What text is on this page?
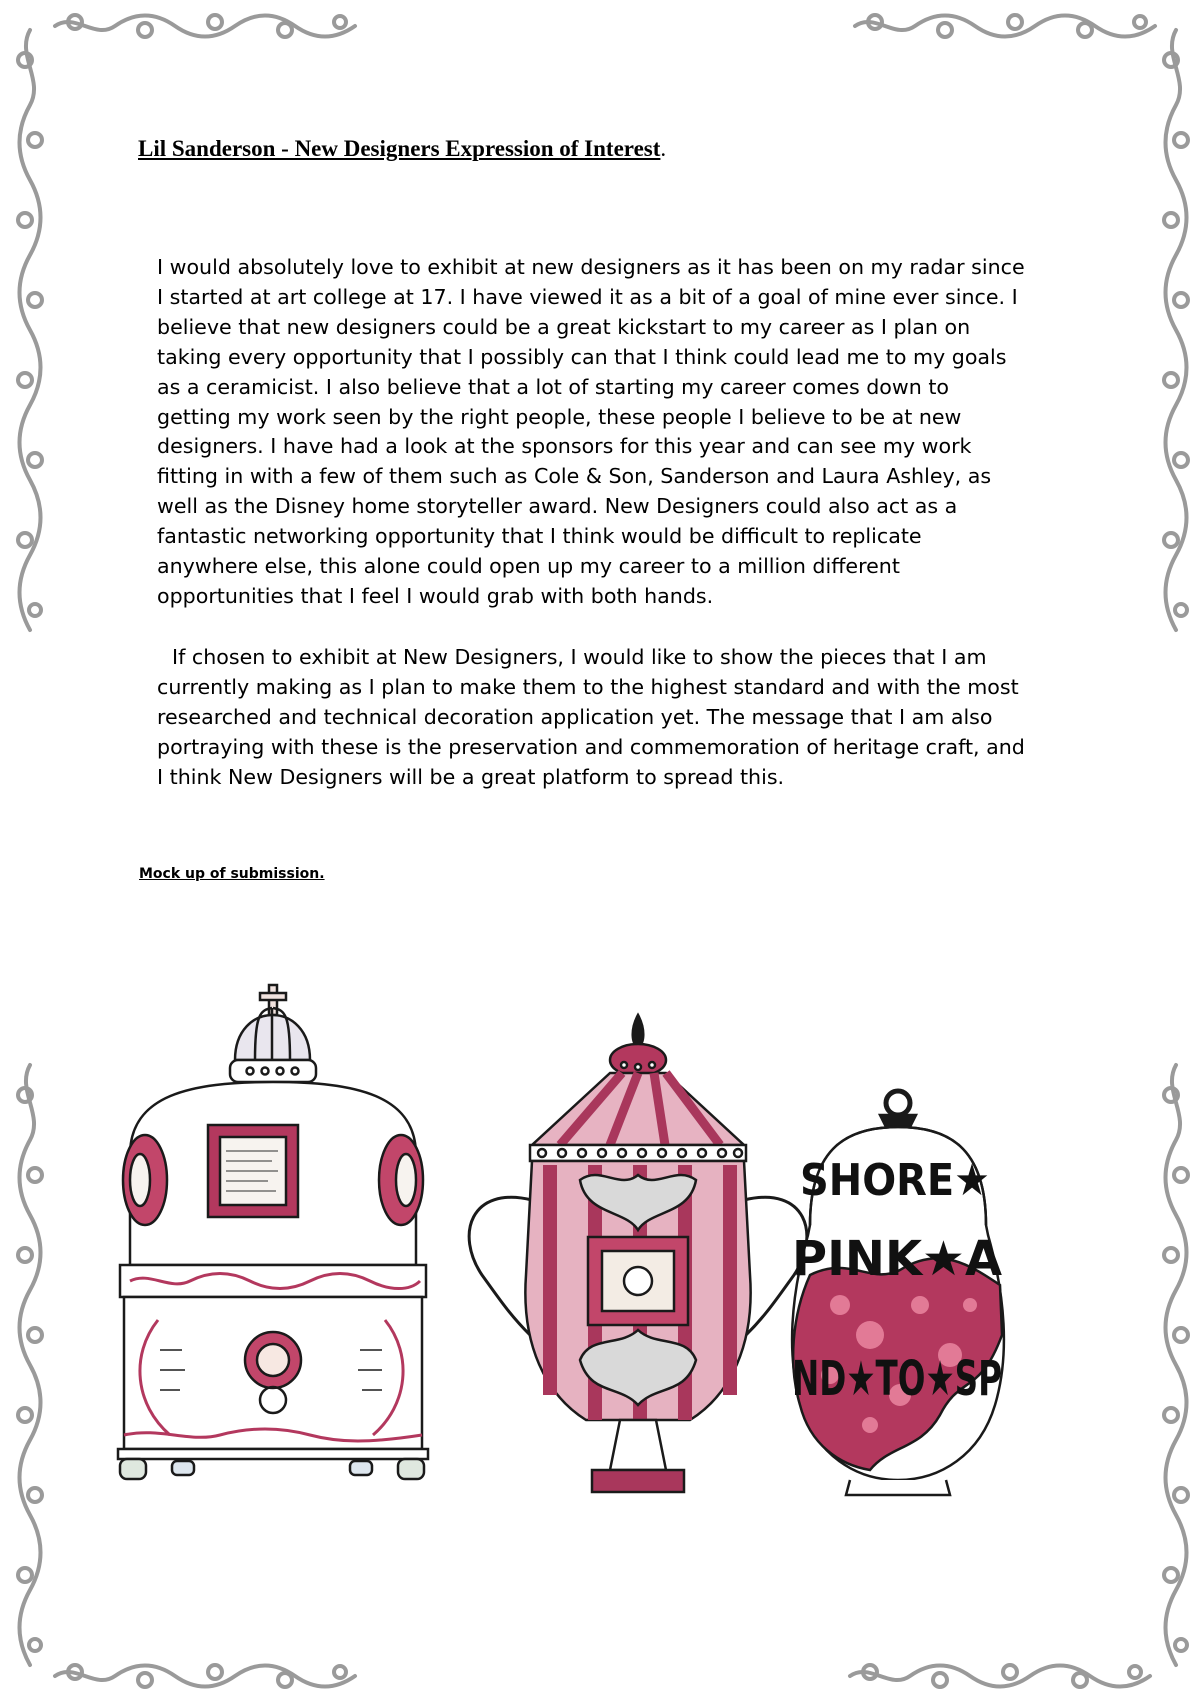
Lil Sanderson - New Designers Expression of Interest.

I would absolutely love to exhibit at new designers as it has been on my radar since I started at art college at 17. I have viewed it as a bit of a goal of mine ever since. I believe that new designers could be a great kickstart to my career as I plan on taking every opportunity that I possibly can that I think could lead me to my goals as a ceramicist. I also believe that a lot of starting my career comes down to getting my work seen by the right people, these people I believe to be at new designers. I have had a look at the sponsors for this year and can see my work fitting in with a few of them such as Cole & Son, Sanderson and Laura Ashley, as well as the Disney home storyteller award. New Designers could also act as a fantastic networking opportunity that I think would be difficult to replicate anywhere else, this alone could open up my career to a million different opportunities that I feel I would grab with both hands.

If chosen to exhibit at New Designers, I would like to show the pieces that I am currently making as I plan to make them to the highest standard and with the most researched and technical decoration application yet. The message that I am also portraying with these is the preservation and commemoration of heritage craft, and I think New Designers will be a great platform to spread this.

Mock up of submission.

SHORE★
PINK★A
ND★TO★SP
